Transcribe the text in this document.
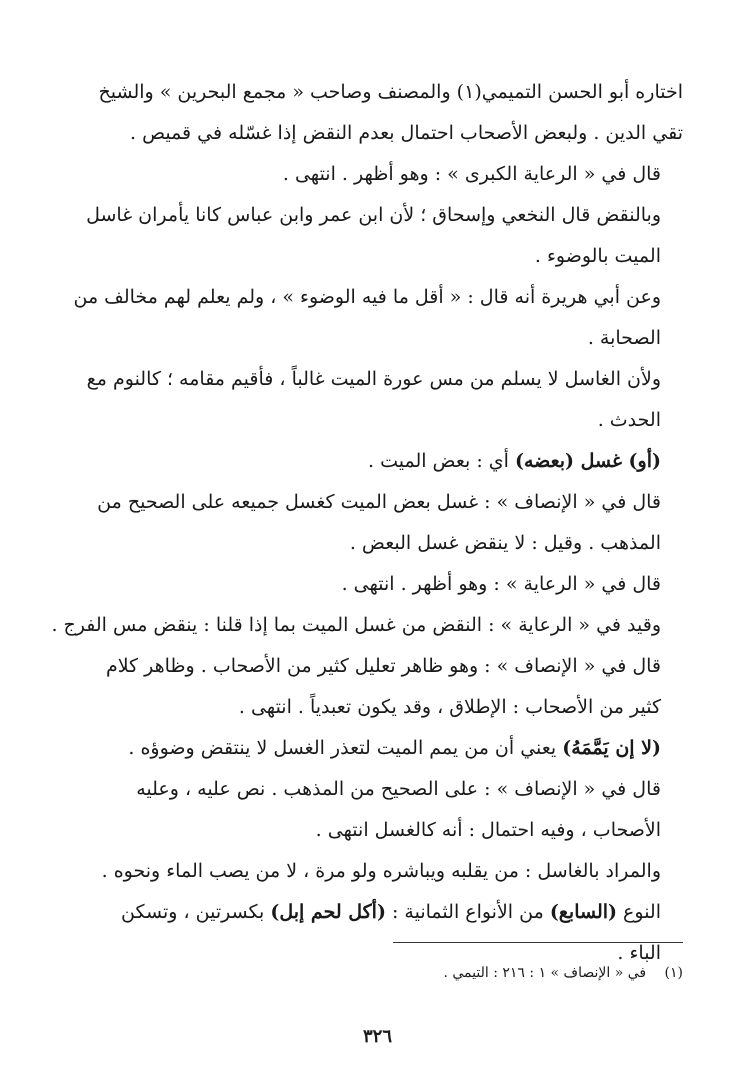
اختاره أبو الحسن التميمي(١) والمصنف وصاحب « مجمع البحرين » والشيخ
تقي الدين . ولبعض الأصحاب احتمال بعدم النقض إذا غسّله في قميص .

قال في « الرعاية الكبرى » : وهو أظهر . انتهى .

وبالنقض قال النخعي وإسحاق ؛ لأن ابن عمر وابن عباس كانا يأمران غاسل
الميت بالوضوء .

وعن أبي هريرة أنه قال : « أقل ما فيه الوضوء » ، ولم يعلم لهم مخالف من
الصحابة .

ولأن الغاسل لا يسلم من مس عورة الميت غالباً ، فأقيم مقامه ؛ كالنوم مع
الحدث .

(أو) غسل (بعضه) أي : بعض الميت .

قال في « الإنصاف » : غسل بعض الميت كغسل جميعه على الصحيح من
المذهب . وقيل : لا ينقض غسل البعض .

قال في « الرعاية » : وهو أظهر . انتهى .

وقيد في « الرعاية » : النقض من غسل الميت بما إذا قلنا : ينقض مس الفرج .

قال في « الإنصاف » : وهو ظاهر تعليل كثير من الأصحاب . وظاهر كلام
كثير من الأصحاب : الإطلاق ، وقد يكون تعبدياً . انتهى .

(لا إن يَمَّمَهُ) يعني أن من يمم الميت لتعذر الغسل لا ينتقض وضوؤه .

قال في « الإنصاف » : على الصحيح من المذهب . نص عليه ، وعليه
الأصحاب ، وفيه احتمال : أنه كالغسل انتهى .

والمراد بالغاسل : من يقلبه ويباشره ولو مرة ، لا من يصب الماء ونحوه .

النوع (السابع) من الأنواع الثمانية : (أكل لحم إبل) بكسرتين ، وتسكن
الباء .

(١) في « الإنصاف » ١ : ٢١٦ : التيمي .
٣٢٦
